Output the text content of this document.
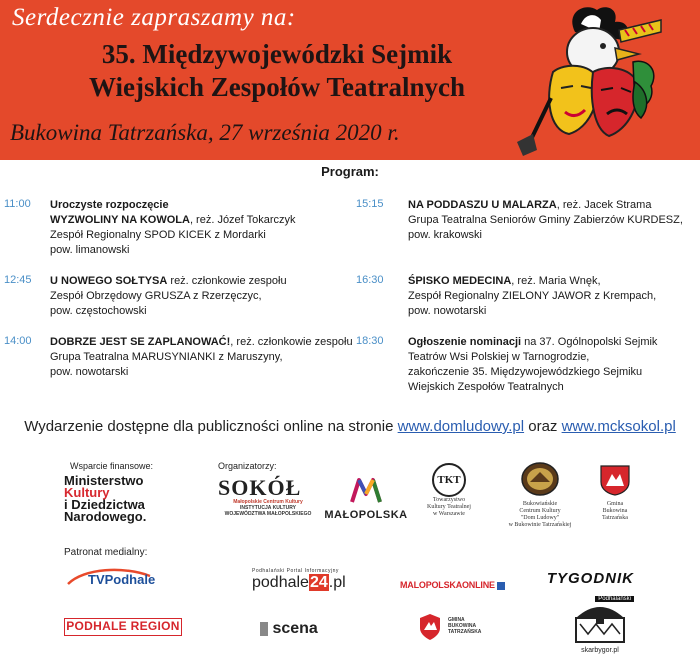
Serdecznie zapraszamy na:
35. Międzywojewódzki Sejmik
Wiejskich Zespołów Teatralnych
Bukowina Tatrzańska, 27 września 2020 r.
Program:
11:00 Uroczyste rozpoczęcie
WYZWOLINY NA KOWOLA, reż. Józef Tokarczyk
Zespół Regionalny SPOD KICEK z Mordarki
pow. limanowski
12:45 U NOWEGO SOŁTYSA reż. członkowie zespołu
Zespół Obrzędowy GRUSZA z Rzerzęczyc,
pow. częstochowski
14:00 DOBRZE JEST SE ZAPLANOWAĆ!, reż. członkowie zespołu
Grupa Teatralna MARUSYNIANKI z Maruszyny,
pow. nowotarski
15:15 NA PODDASZU U MALARZA, reż. Jacek Strama
Grupa Teatralna Seniorów Gminy Zabierzów KURDESZ,
pow. krakowski
16:30 ŚPISKO MEDECINA, reż. Maria Wnęk,
Zespół Regionalny ZIELONY JAWOR z Krempach,
pow. nowotarski
18:30 Ogłoszenie nominacji na 37. Ogólnopolski Sejmik
Teatrów Wsi Polskiej w Tarnogrodzie,
zakończenie 35. Międzywojewódzkiego Sejmiku
Wiejskich Zespołów Teatralnych
Wydarzenie dostępne dla publiczności online na stronie www.domludowy.pl oraz www.mcksokol.pl
Wsparcie finansowe:	Organizatorzy:
Ministerstwo
Kultury
i Dziedzictwa
Narodowego.
SOKÓŁ
Małopolskie Centrum Kultury
INSTYTUCJA KULTURY
WOJEWÓDZTWA MAŁOPOLSKIEGO	MAŁOPOLSKA
TKT
Towarzystwo
Kultury Teatralnej
w Warszawie
Bukowiańskie
Centrum Kultury
"Dom Ludowy"
w Bukowinie Tatrzańskiej
Gmina
Bukowina
Tatrzańska
Patronat medialny:
TVPodhale
Podhalański Portal Informacyjny
podhale24.pl	MALOPOLSKAONLINE	TYGODNIK
Podhalański
PODHALE REGION	scena	GMINA
BUKOWINA
TATRZAŃSKA
skarbygor.pl
